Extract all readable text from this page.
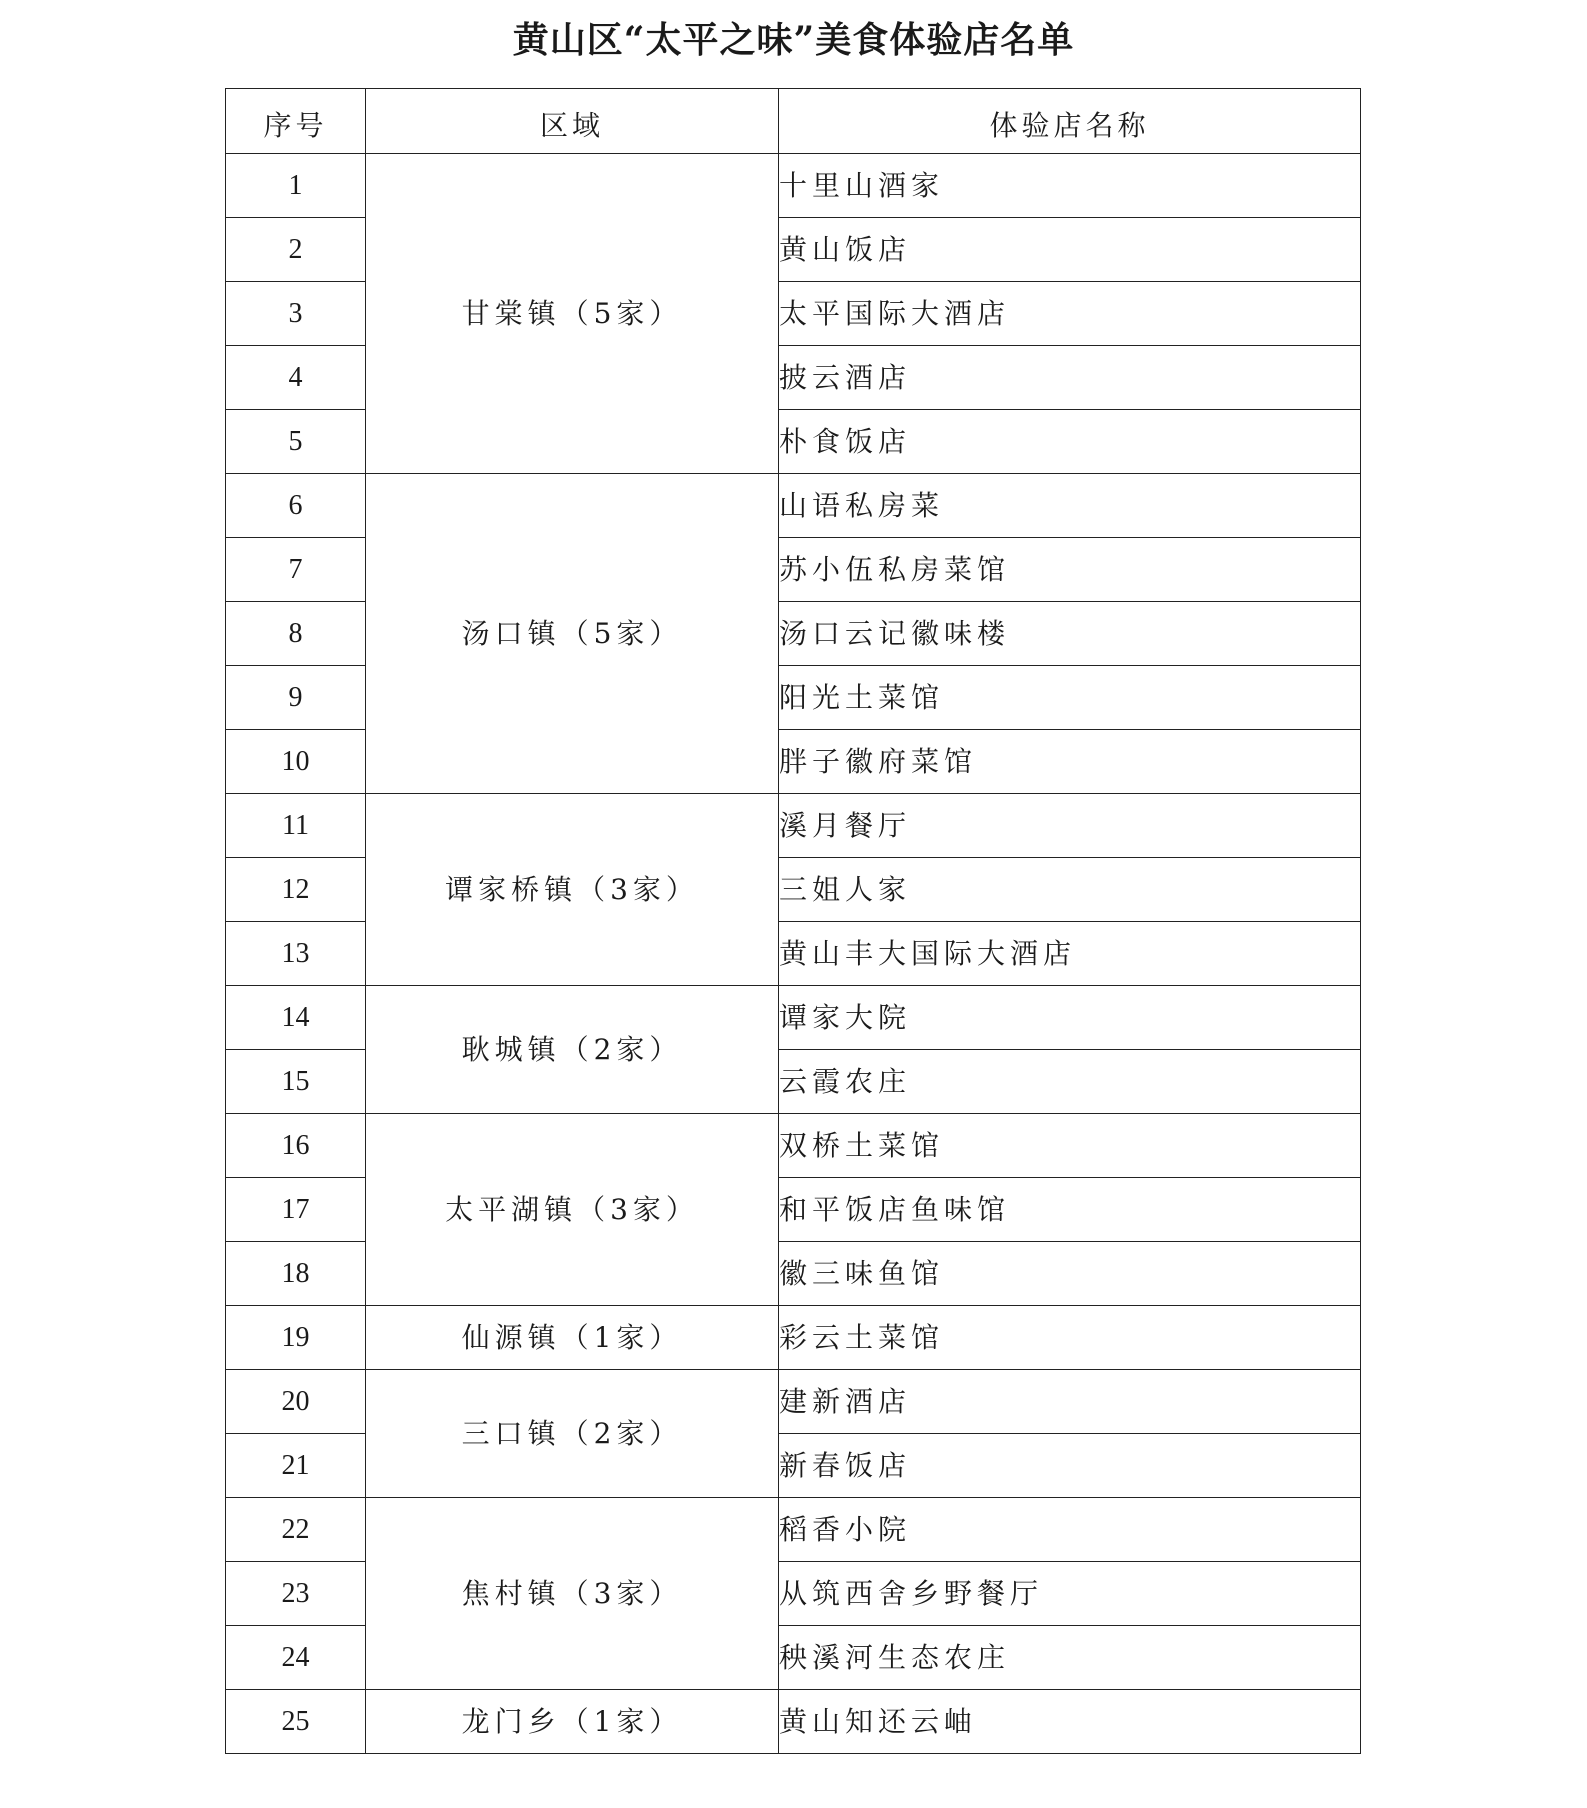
黄山区“太平之味”美食体验店名单
序号	区域	体验店名称
1	甘棠镇（5家）	十里山酒家
2		黄山饭店
3		太平国际大酒店
4		披云酒店
5		朴食饭店
6	汤口镇（5家）	山语私房菜
7		苏小伍私房菜馆
8		汤口云记徽味楼
9		阳光土菜馆
10		胖子徽府菜馆
11	谭家桥镇（3家）	溪月餐厅
12		三姐人家
13		黄山丰大国际大酒店
14	耿城镇（2家）	谭家大院
15		云霞农庄
16	太平湖镇（3家）	双桥土菜馆
17		和平饭店鱼味馆
18		徽三味鱼馆
19	仙源镇（1家）	彩云土菜馆
20	三口镇（2家）	建新酒店
21		新春饭店
22	焦村镇（3家）	稻香小院
23		从筑西舍乡野餐厅
24		秧溪河生态农庄
25	龙门乡（1家）	黄山知还云岫
